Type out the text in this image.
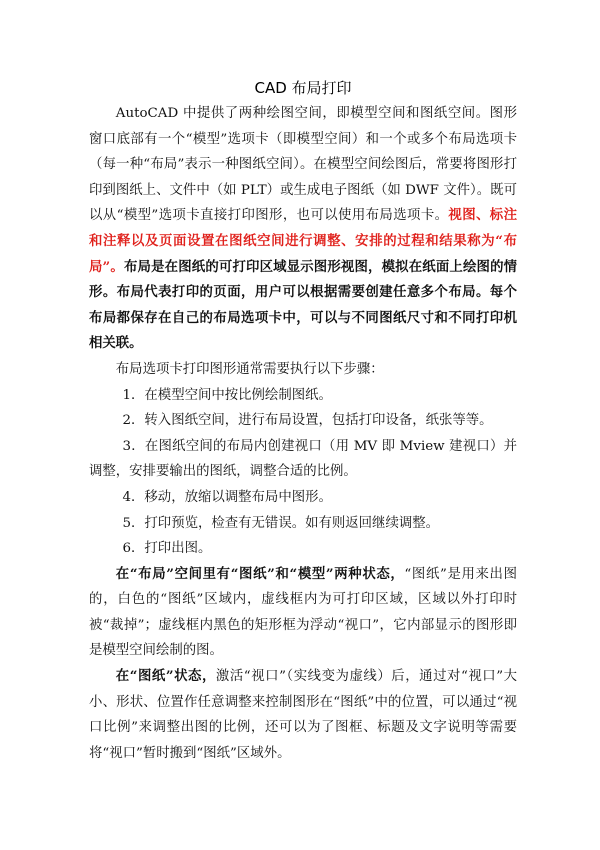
CAD 布局打印

AutoCAD 中提供了两种绘图空间，即模型空间和图纸空间。图形窗口底部有一个“模型”选项卡（即模型空间）和一个或多个布局选项卡（每一种“布局”表示一种图纸空间）。在模型空间绘图后，常要将图形打印到图纸上、文件中（如 PLT）或生成电子图纸（如 DWF 文件）。既可以从“模型”选项卡直接打印图形，也可以使用布局选项卡。视图、标注和注释以及页面设置在图纸空间进行调整、安排的过程和结果称为“布局”。布局是在图纸的可打印区域显示图形视图，模拟在纸面上绘图的情形。布局代表打印的页面，用户可以根据需要创建任意多个布局。每个布局都保存在自己的布局选项卡中，可以与不同图纸尺寸和不同打印机相关联。

布局选项卡打印图形通常需要执行以下步骤：

1．在模型空间中按比例绘制图纸。

2．转入图纸空间，进行布局设置，包括打印设备，纸张等等。

3．在图纸空间的布局内创建视口（用 MV 即 Mview 建视口）并调整，安排要输出的图纸，调整合适的比例。

4．移动，放缩以调整布局中图形。

5．打印预览，检查有无错误。如有则返回继续调整。

6．打印出图。

在“布局”空间里有“图纸”和“模型”两种状态，“图纸”是用来出图的，白色的“图纸”区域内，虚线框内为可打印区域，区域以外打印时被“裁掉”；虚线框内黑色的矩形框为浮动“视口”，它内部显示的图形即是模型空间绘制的图。

在“图纸”状态，激活“视口”（实线变为虚线）后，通过对“视口”大小、形状、位置作任意调整来控制图形在“图纸”中的位置，可以通过“视口比例”来调整出图的比例，还可以为了图框、标题及文字说明等需要将“视口”暂时搬到“图纸”区域外。
